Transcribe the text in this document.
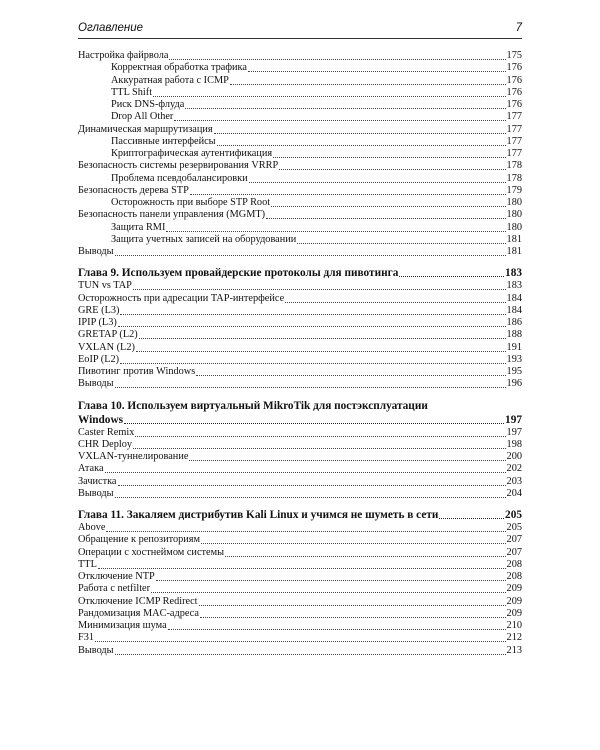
Оглавление	7
Настройка файрвола	175
Корректная обработка трафика	176
Аккуратная работа с ICMP	176
TTL Shift	176
Риск DNS-флуда	176
Drop All Other	177
Динамическая маршрутизация	177
Пассивные интерфейсы	177
Криптографическая аутентификация	177
Безопасность системы резервирования VRRP	178
Проблема псевдобалансировки	178
Безопасность дерева STP	179
Осторожность при выборе STP Root	180
Безопасность панели управления (MGMT)	180
Защита RMI	180
Защита учетных записей на оборудовании	181
Выводы	181
Глава 9. Используем провайдерские протоколы для пивотинга	183
TUN vs TAP	183
Осторожность при адресации TAP-интерфейсе	184
GRE (L3)	184
IPIP (L3)	186
GRETAP (L2)	188
VXLAN (L2)	191
EoIP (L2)	193
Пивотинг против Windows	195
Выводы	196
Глава 10. Используем виртуальный MikroTik для постэксплуатации
Windows	197
Caster Remix	197
CHR Deploy	198
VXLAN-туннелирование	200
Атака	202
Зачистка	203
Выводы	204
Глава 11. Закаляем дистрибутив Kali Linux и учимся не шуметь в сети	205
Above	205
Обращение к репозиториям	207
Операции с хостнеймом системы	207
TTL	208
Отключение NTP	208
Работа с netfilter	209
Отключение ICMP Redirect	209
Рандомизация MAC-адреса	209
Минимизация шума	210
F31	212
Выводы	213
